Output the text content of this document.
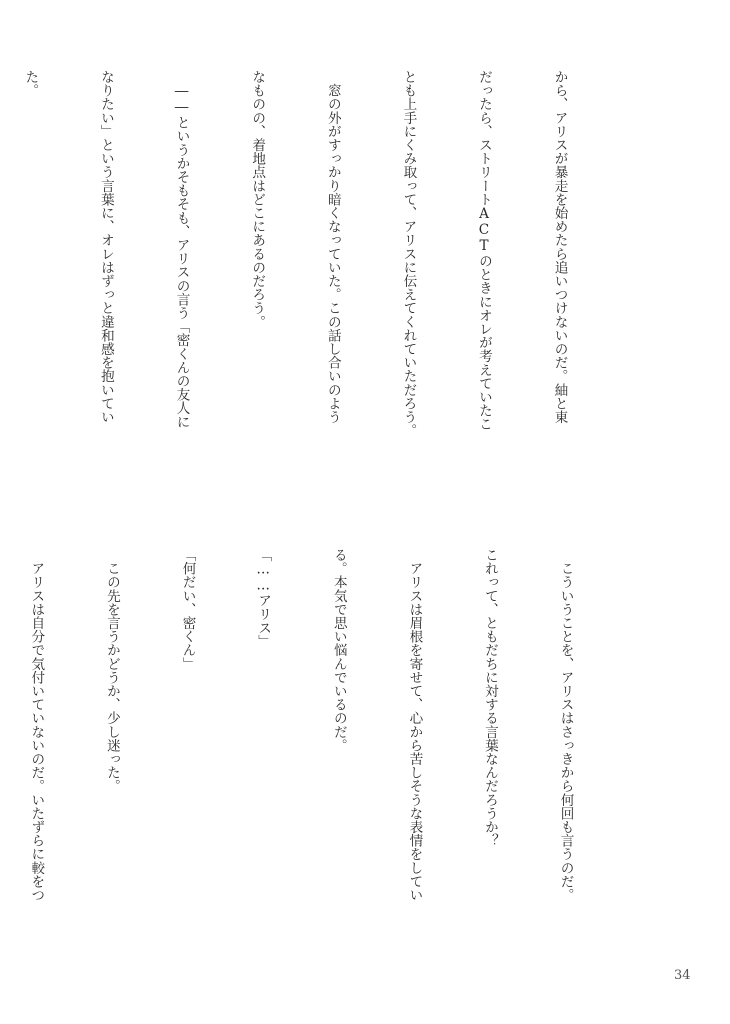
から、アリスが暴走を始めたら追いつけないのだ。紬と東

だったら、ストリートACTのときにオレが考えていたこ

とも上手にくみ取って、アリスに伝えてくれていただろう。

　窓の外がすっかり暗くなっていた。この話し合いのよう

なものの、着地点はどこにあるのだろう。

　――というかそもそも、アリスの言う「密くんの友人に

なりたい」という言葉に、オレはずっと違和感を抱いてい

た。

　こういうことを、アリスはさっきから何回も言うのだ。

これって、ともだちに対する言葉なんだろうか？

　アリスは眉根を寄せて、心から苦しそうな表情をしてい

る。本気で思い悩んでいるのだ。

「……アリス」

「何だい、密くん」

　この先を言うかどうか、少し迷った。

　アリスは自分で気付いていないのだ。いたずらに較をつ

34
